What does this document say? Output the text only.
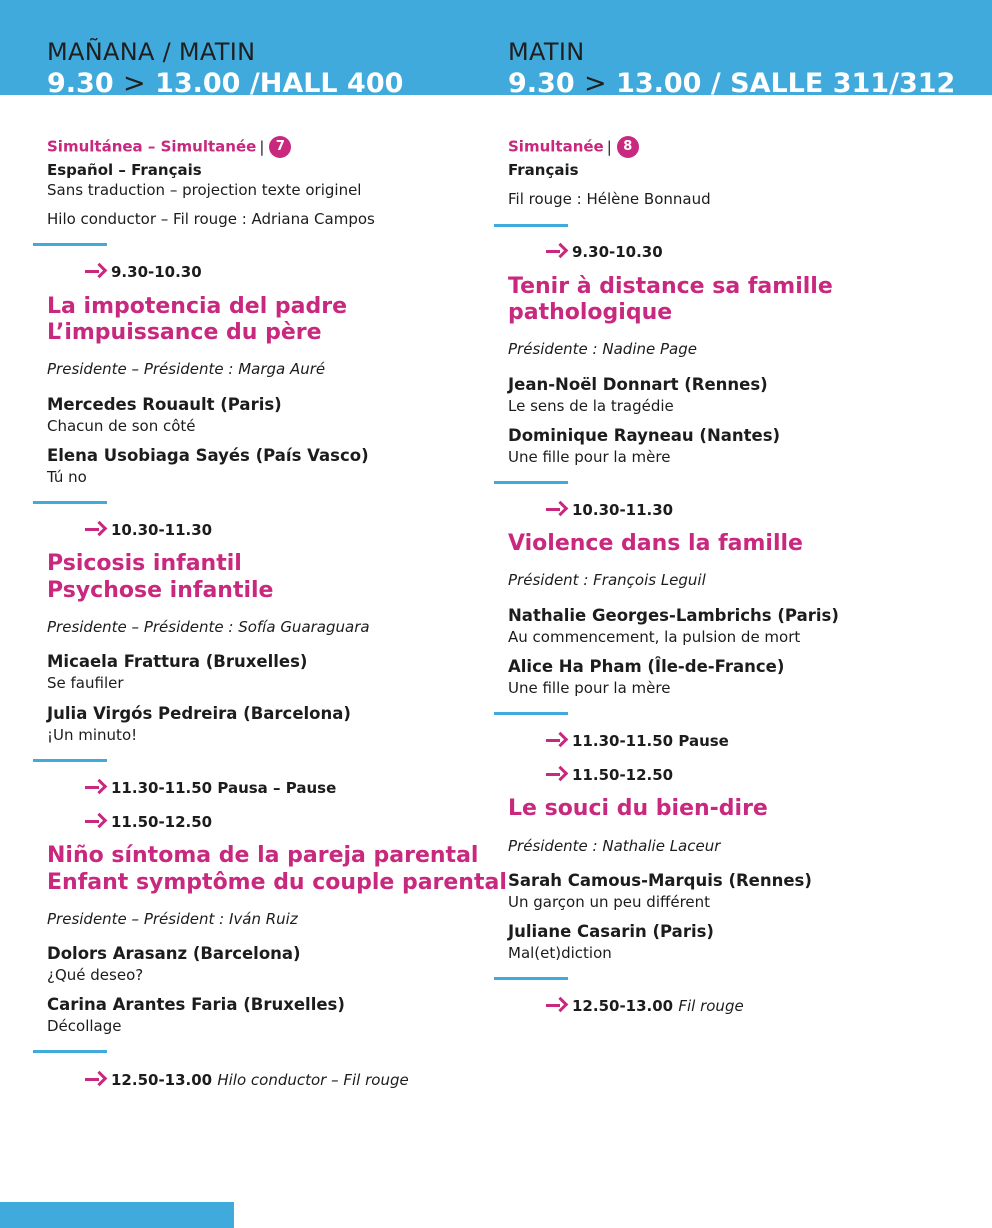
MAÑANA / MATIN
9.30 > 13.00 /HALL 400
Simultánea – Simultanée | 7
Español – Français
Sans traduction – projection texte originel
Hilo conductor – Fil rouge : Adriana Campos
9.30-10.30
La impotencia del padre
L’impuissance du père
Presidente – Présidente : Marga Auré
Mercedes Rouault (Paris)
Chacun de son côté
Elena Usobiaga Sayés (País Vasco)
Tú no
10.30-11.30
Psicosis infantil
Psychose infantile
Presidente – Présidente : Sofía Guaraguara
Micaela Frattura (Bruxelles)
Se faufiler
Julia Virgós Pedreira (Barcelona)
¡Un minuto!
11.30-11.50 Pausa – Pause
11.50-12.50
Niño síntoma de la pareja parental
Enfant symptôme du couple parental
Presidente – Président : Iván Ruiz
Dolors Arasanz (Barcelona)
¿Qué deseo?
Carina Arantes Faria (Bruxelles)
Décollage
12.50-13.00 Hilo conductor – Fil rouge
MATIN
9.30 > 13.00 / SALLE 311/312
Simultanée | 8
Français
Fil rouge : Hélène Bonnaud
9.30-10.30
Tenir à distance sa famille
pathologique
Présidente : Nadine Page
Jean-Noël Donnart (Rennes)
Le sens de la tragédie
Dominique Rayneau (Nantes)
Une fille pour la mère
10.30-11.30
Violence dans la famille
Président : François Leguil
Nathalie Georges-Lambrichs (Paris)
Au commencement, la pulsion de mort
Alice Ha Pham (Île-de-France)
Une fille pour la mère
11.30-11.50 Pause
11.50-12.50
Le souci du bien-dire
Présidente : Nathalie Laceur
Sarah Camous-Marquis (Rennes)
Un garçon un peu différent
Juliane Casarin (Paris)
Mal(et)diction
12.50-13.00 Fil rouge
